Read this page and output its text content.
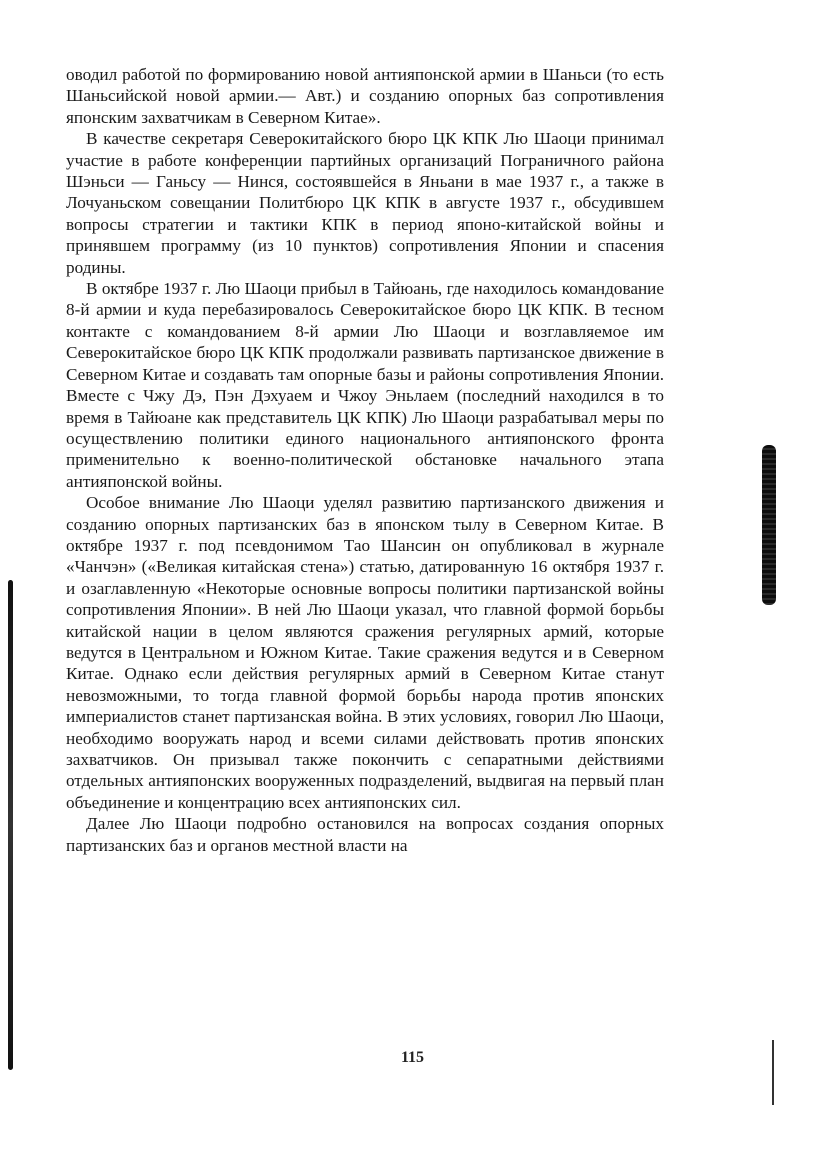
оводил работой по формированию новой антияпонской армии в Шаньси (то есть Шаньсийской новой армии.— Авт.) и созданию опорных баз сопротивления японским захватчикам в Северном Китае».

В качестве секретаря Северокитайского бюро ЦК КПК Лю Шаоци принимал участие в работе конференции партийных организаций Пограничного района Шэньси — Ганьсу — Нинся, состоявшейся в Яньани в мае 1937 г., а также в Лочуаньском совещании Политбюро ЦК КПК в августе 1937 г., обсудившем вопросы стратегии и тактики КПК в период японо-китайской войны и принявшем программу (из 10 пунктов) сопротивления Японии и спасения родины.

В октябре 1937 г. Лю Шаоци прибыл в Тайюань, где находилось командование 8-й армии и куда перебазировалось Северокитайское бюро ЦК КПК. В тесном контакте с командованием 8-й армии Лю Шаоци и возглавляемое им Северокитайское бюро ЦК КПК продолжали развивать партизанское движение в Северном Китае и создавать там опорные базы и районы сопротивления Японии. Вместе с Чжу Дэ, Пэн Дэхуаем и Чжоу Эньлаем (последний находился в то время в Тайюане как представитель ЦК КПК) Лю Шаоци разрабатывал меры по осуществлению политики единого национального антияпонского фронта применительно к военно-политической обстановке начального этапа антияпонской войны.

Особое внимание Лю Шаоци уделял развитию партизанского движения и созданию опорных партизанских баз в японском тылу в Северном Китае. В октябре 1937 г. под псевдонимом Тао Шансин он опубликовал в журнале «Чанчэн» («Великая китайская стена») статью, датированную 16 октября 1937 г. и озаглавленную «Некоторые основные вопросы политики партизанской войны сопротивления Японии». В ней Лю Шаоци указал, что главной формой борьбы китайской нации в целом являются сражения регулярных армий, которые ведутся в Центральном и Южном Китае. Такие сражения ведутся и в Северном Китае. Однако если действия регулярных армий в Северном Китае станут невозможными, то тогда главной формой борьбы народа против японских империалистов станет партизанская война. В этих условиях, говорил Лю Шаоци, необходимо вооружать народ и всеми силами действовать против японских захватчиков. Он призывал также покончить с сепаратными действиями отдельных антияпонских вооруженных подразделений, выдвигая на первый план объединение и концентрацию всех антияпонских сил.

Далее Лю Шаоци подробно остановился на вопросах создания опорных партизанских баз и органов местной власти на

115
